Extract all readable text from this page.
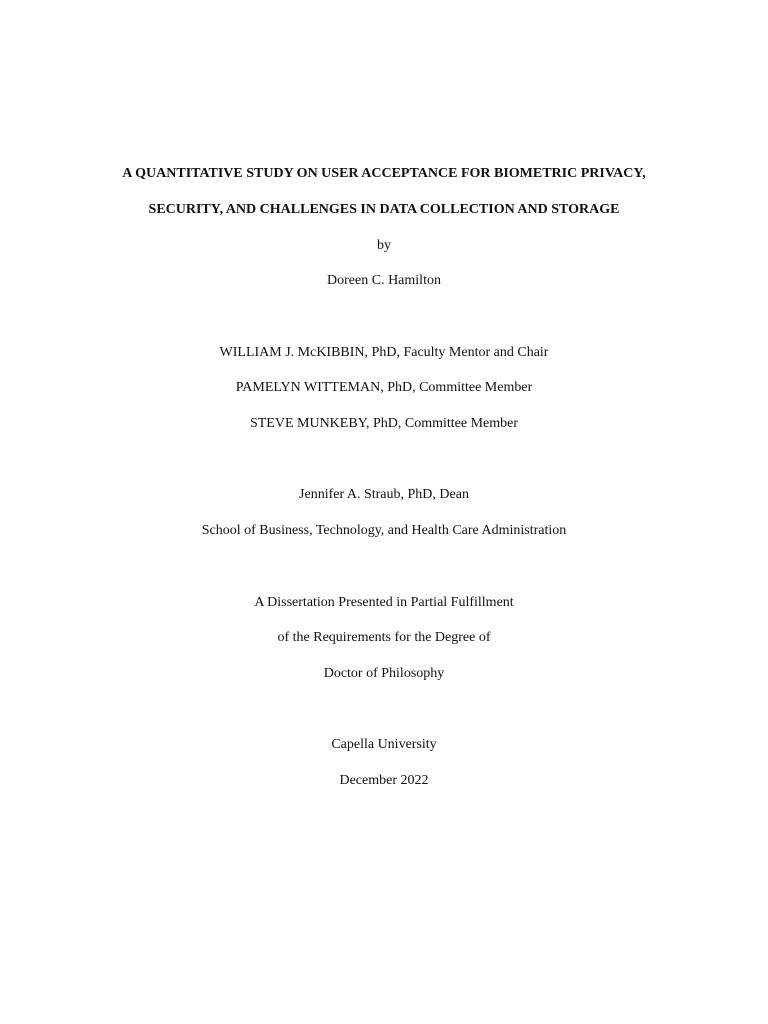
A QUANTITATIVE STUDY ON USER ACCEPTANCE FOR BIOMETRIC PRIVACY,
SECURITY, AND CHALLENGES IN DATA COLLECTION AND STORAGE
by
Doreen C. Hamilton
WILLIAM J. McKIBBIN, PhD, Faculty Mentor and Chair
PAMELYN WITTEMAN, PhD, Committee Member
STEVE MUNKEBY, PhD, Committee Member
Jennifer A. Straub, PhD, Dean
School of Business, Technology, and Health Care Administration
A Dissertation Presented in Partial Fulfillment
of the Requirements for the Degree of
Doctor of Philosophy
Capella University
December 2022
